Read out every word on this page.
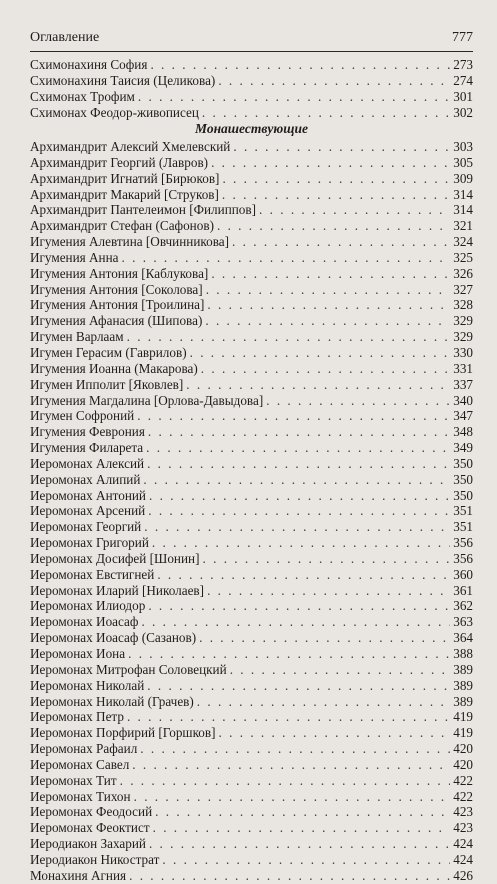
Оглавление	777
Схимонахиня София . . .	273
Схимонахиня Таисия (Целикова) . . .	274
Схимонах Трофим . . .	301
Схимонах Феодор-живописец . . .	302
Монашествующие
Архимандрит Алексий Хмелевский . . .	303
Архимандрит Георгий (Лавров) . . .	305
Архимандрит Игнатий [Бирюков] . . .	309
Архимандрит Макарий [Струков] . . .	314
Архимандрит Пантелеимон [Филиппов] . . .	314
Архимандрит Стефан (Сафонов) . . .	321
Игумения Алевтина [Овчинникова] . . .	324
Игумения Анна . . .	325
Игумения Антония [Каблукова] . . .	326
Игумения Антония [Соколова] . . .	327
Игумения Антония [Троилина] . . .	328
Игумения Афанасия (Шипова) . . .	329
Игумен Варлаам . . .	329
Игумен Герасим (Гаврилов) . . .	330
Игумения Иоанна (Макарова) . . .	331
Игумен Ипполит [Яковлев] . . .	337
Игумения Магдалина [Орлова-Давыдова] . . .	340
Игумен Софроний . . .	347
Игумения Феврония . . .	348
Игумения Филарета . . .	349
Иеромонах Алексий . . .	350
Иеромонах Алипий . . .	350
Иеромонах Антоний . . .	350
Иеромонах Арсений . . .	351
Иеромонах Георгий . . .	351
Иеромонах Григорий . . .	356
Иеромонах Досифей [Шонин] . . .	356
Иеромонах Евстигней . . .	360
Иеромонах Иларий [Николаев] . . .	361
Иеромонах Илиодор . . .	362
Иеромонах Иоасаф . . .	363
Иеромонах Иоасаф (Сазанов) . . .	364
Иеромонах Иона . . .	388
Иеромонах Митрофан Соловецкий . . .	389
Иеромонах Николай . . .	389
Иеромонах Николай (Грачев) . . .	389
Иеромонах Петр . . .	419
Иеромонах Порфирий [Горшков] . . .	419
Иеромонах Рафаил . . .	420
Иеромонах Савел . . .	420
Иеромонах Тит . . .	422
Иеромонах Тихон . . .	422
Иеромонах Феодосий . . .	423
Иеромонах Феоктист . . .	423
Иеродиакон Захарий . . .	424
Иеродиакон Никострат . . .	424
Монахиня Агния . . .	426
